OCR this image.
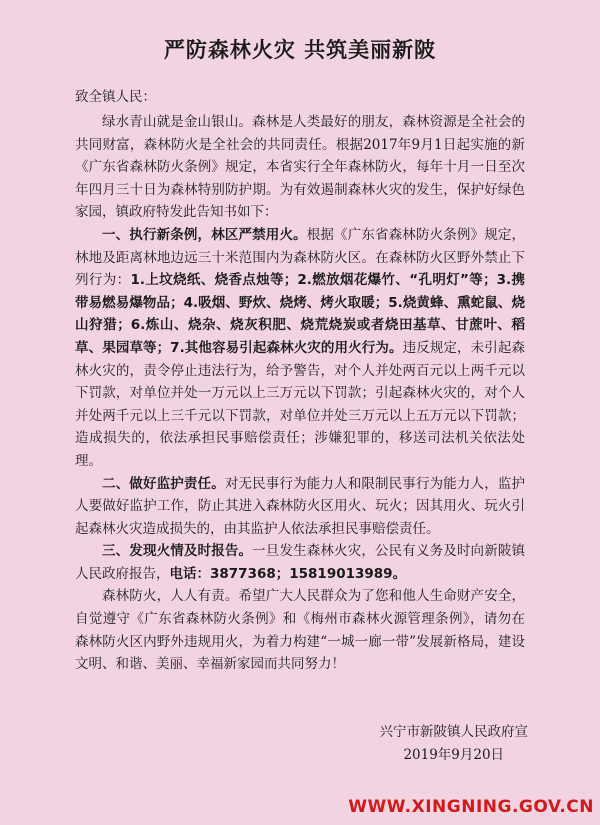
严防森林火灾 共筑美丽新陂
致全镇人民：

绿水青山就是金山银山。森林是人类最好的朋友，森林资源是全社会的共同财富，森林防火是全社会的共同责任。根据2017年9月1日起实施的新《广东省森林防火条例》规定，本省实行全年森林防火，每年十月一日至次年四月三十日为森林特别防护期。为有效遏制森林火灾的发生，保护好绿色家园，镇政府特发此告知书如下：

一、执行新条例，林区严禁用火。根据《广东省森林防火条例》规定，林地及距离林地边远三十米范围内为森林防火区。在森林防火区野外禁止下列行为：1.上坟烧纸、烧香点烛等；2.燃放烟花爆竹、“孔明灯”等；3.携带易燃易爆物品；4.吸烟、野炊、烧烤、烤火取暖；5.烧黄蜂、熏蛇鼠、烧山狩猎；6.炼山、烧杂、烧灰积肥、烧荒烧炭或者烧田基草、甘蔗叶、稻草、果园草等；7.其他容易引起森林火灾的用火行为。违反规定，未引起森林火灾的，责令停止违法行为，给予警告，对个人并处两百元以上两千元以下罚款，对单位并处一万元以上三万元以下罚款；引起森林火灾的，对个人并处两千元以上三千元以下罚款，对单位并处三万元以上五万元以下罚款；造成损失的，依法承担民事赔偿责任；涉嫌犯罪的，移送司法机关依法处理。

二、做好监护责任。对无民事行为能力人和限制民事行为能力人，监护人要做好监护工作，防止其进入森林防火区用火、玩火；因其用火、玩火引起森林火灾造成损失的，由其监护人依法承担民事赔偿责任。

三、发现火情及时报告。一旦发生森林火灾，公民有义务及时向新陂镇人民政府报告，电话：3877368；15819013989。

森林防火，人人有责。希望广大人民群众为了您和他人生命财产安全，自觉遵守《广东省森林防火条例》和《梅州市森林火源管理条例》，请勿在森林防火区内野外违规用火，为着力构建“一城一廊一带”发展新格局，建设文明、和谐、美丽、幸福新家园而共同努力！

兴宁市新陂镇人民政府宣
2019年9月20日
WWW.XINGNING.GOV.CN
